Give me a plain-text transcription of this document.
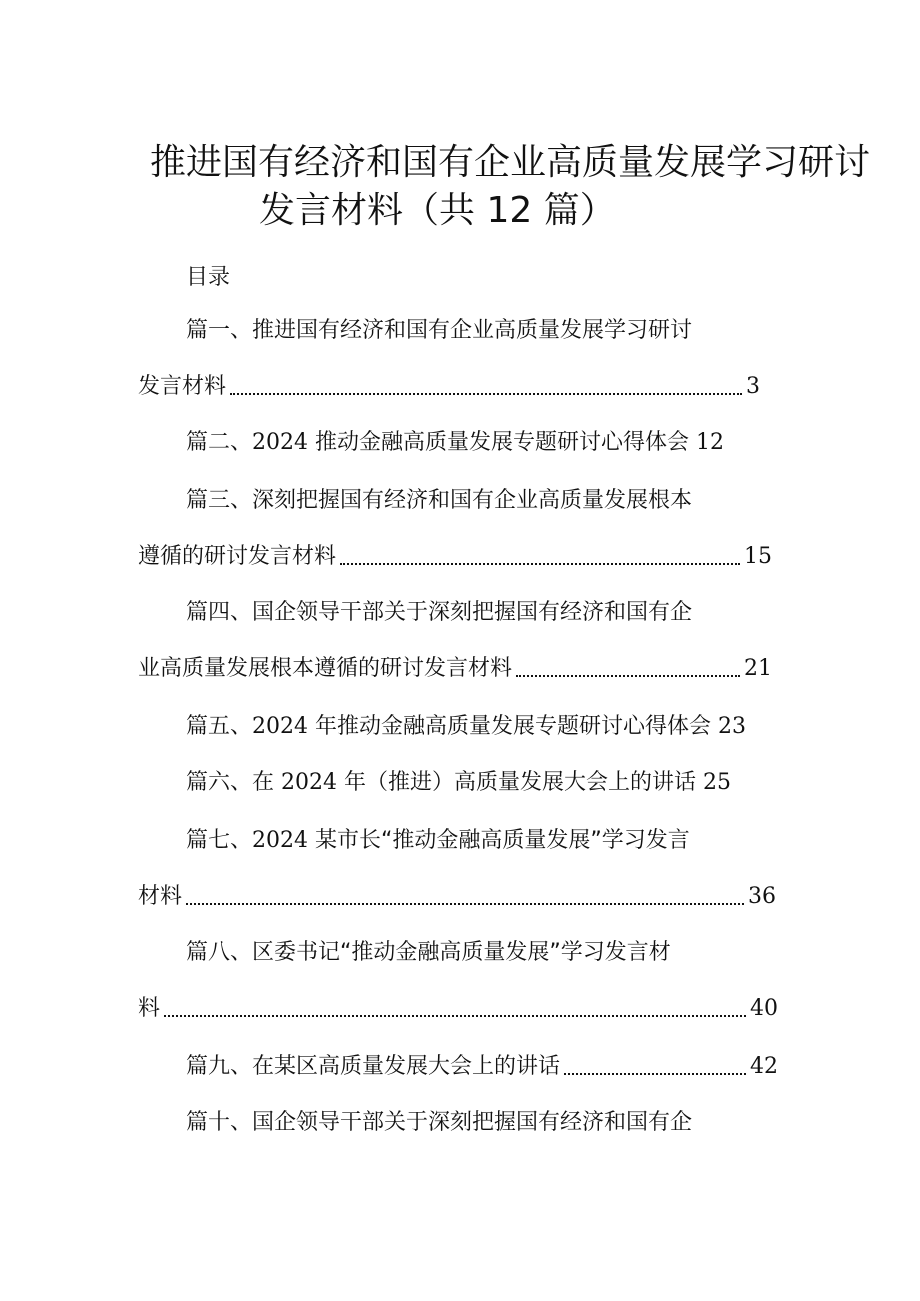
推进国有经济和国有企业高质量发展学习研讨
发言材料（共 12 篇）
目录
篇一、推进国有经济和国有企业高质量发展学习研讨
发言材料	3
篇二、2024 推动金融高质量发展专题研讨心得体会 12
篇三、深刻把握国有经济和国有企业高质量发展根本
遵循的研讨发言材料	15
篇四、国企领导干部关于深刻把握国有经济和国有企
业高质量发展根本遵循的研讨发言材料	21
篇五、2024 年推动金融高质量发展专题研讨心得体会 23
篇六、在 2024 年（推进）高质量发展大会上的讲话 25
篇七、2024 某市长“推动金融高质量发展”学习发言
材料	36
篇八、区委书记“推动金融高质量发展”学习发言材
料	40
篇九、在某区高质量发展大会上的讲话	42
篇十、国企领导干部关于深刻把握国有经济和国有企
